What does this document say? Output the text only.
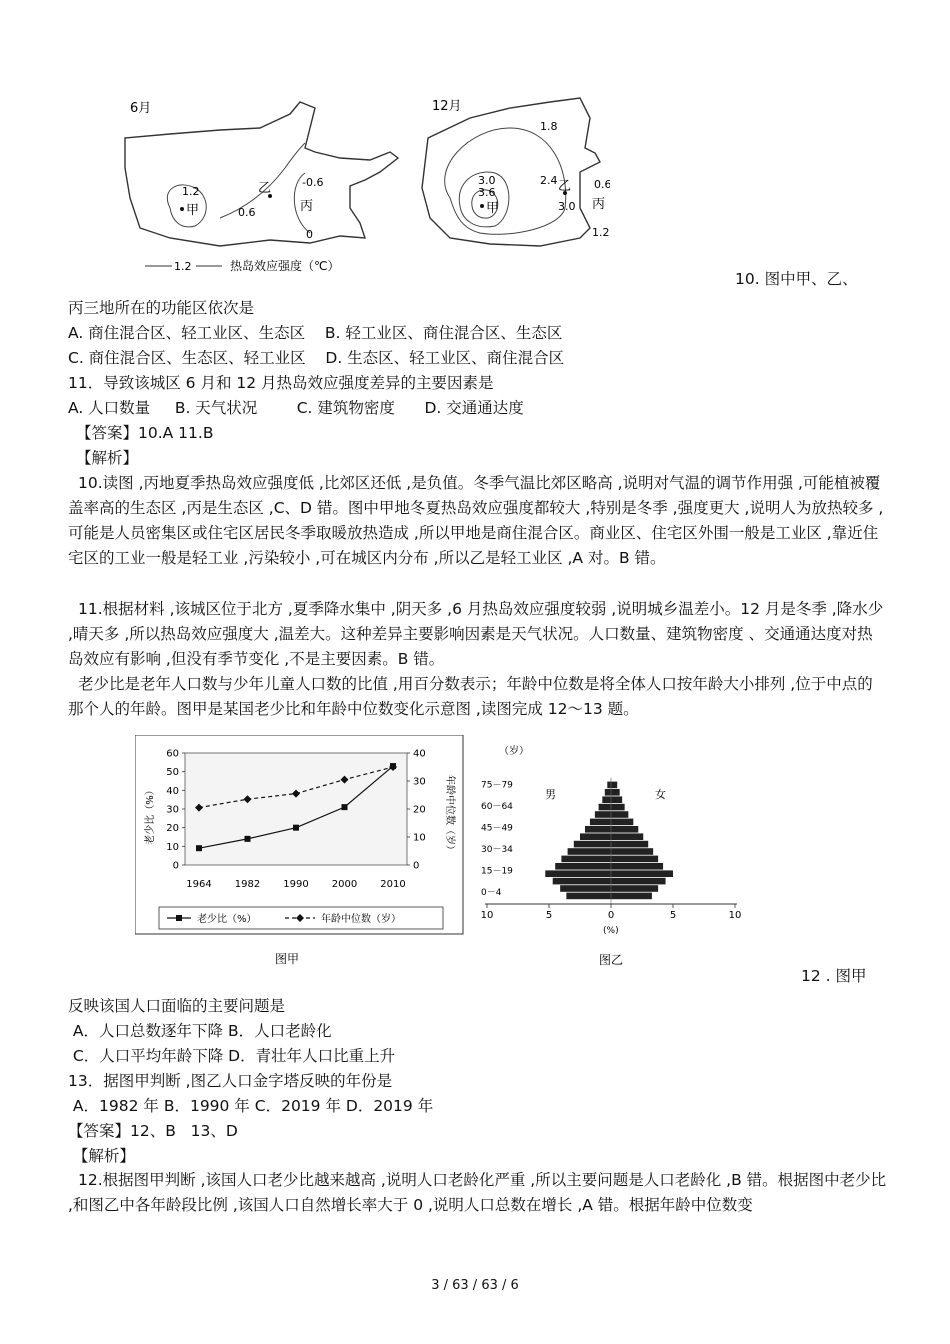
6月
1.2
甲
乙
0.6
-0.6
丙
0
12月
1.8
3.0
3.6
甲
2.4 乙
3.0
0.6
丙
1.2
1.2	热岛效应强度（℃）
10. 图中甲、乙、
丙三地所在的功能区依次是
A. 商住混合区、轻工业区、生态区    B. 轻工业区、商住混合区、生态区
C. 商住混合区、生态区、轻工业区    D. 生态区、轻工业区、商住混合区
11．导致该城区 6 月和 12 月热岛效应强度差异的主要因素是
A. 人口数量     B. 天气状况        C. 建筑物密度      D. 交通通达度
【答案】10.A 11.B
【解析】
10.读图 ,丙地夏季热岛效应强度低 ,比郊区还低 ,是负值。冬季气温比郊区略高 ,说明对气温的调节作用强 ,可能植被覆盖率高的生态区 ,丙是生态区 ,C、D 错。图中甲地冬夏热岛效应强度都较大 ,特别是冬季 ,强度更大 ,说明人为放热较多 ,可能是人员密集区或住宅区居民冬季取暖放热造成 ,所以甲地是商住混合区。商业区、住宅区外围一般是工业区 ,靠近住宅区的工业一般是轻工业 ,污染较小 ,可在城区内分布 ,所以乙是轻工业区 ,A 对。B 错。
11.根据材料 ,该城区位于北方 ,夏季降水集中 ,阴天多 ,6 月热岛效应强度较弱 ,说明城乡温差小。12 月是冬季 ,降水少 ,晴天多 ,所以热岛效应强度大 ,温差大。这种差异主要影响因素是天气状况。人口数量、建筑物密度 、交通通达度对热岛效应有影响 ,但没有季节变化 ,不是主要因素。B 错。
老少比是老年人口数与少年儿童人口数的比值 ,用百分数表示；年龄中位数是将全体人口按年龄大小排列 ,位于中点的那个人的年龄。图甲是某国老少比和年龄中位数变化示意图 ,读图完成 12～13 题。
0
10
20
30
40
50
60
0
10
20
30
40
1964 1982 1990 2000 2010
老少比（%）	年龄中位数（岁）
老少比（%）	年龄中位数（岁）
图甲
（岁）
男	女
75－79
60－64
45－49
30－34
15－19
0－4
10	5	0	5	10
(%)
图乙
12 . 图甲
反映该国人口面临的主要问题是
A．人口总数逐年下降 B．人口老龄化
C．人口平均年龄下降 D．青壮年人口比重上升
13．据图甲判断 ,图乙人口金字塔反映的年份是
A．1982 年 B．1990 年 C．2019 年 D．2019 年
【答案】12、B   13、D
【解析】
12.根据图甲判断 ,该国人口老少比越来越高 ,说明人口老龄化严重 ,所以主要问题是人口老龄化 ,B 错。根据图中老少比 ,和图乙中各年龄段比例 ,该国人口自然增长率大于 0 ,说明人口总数在增长 ,A 错。根据年龄中位数变
3 / 63 / 63 / 6
